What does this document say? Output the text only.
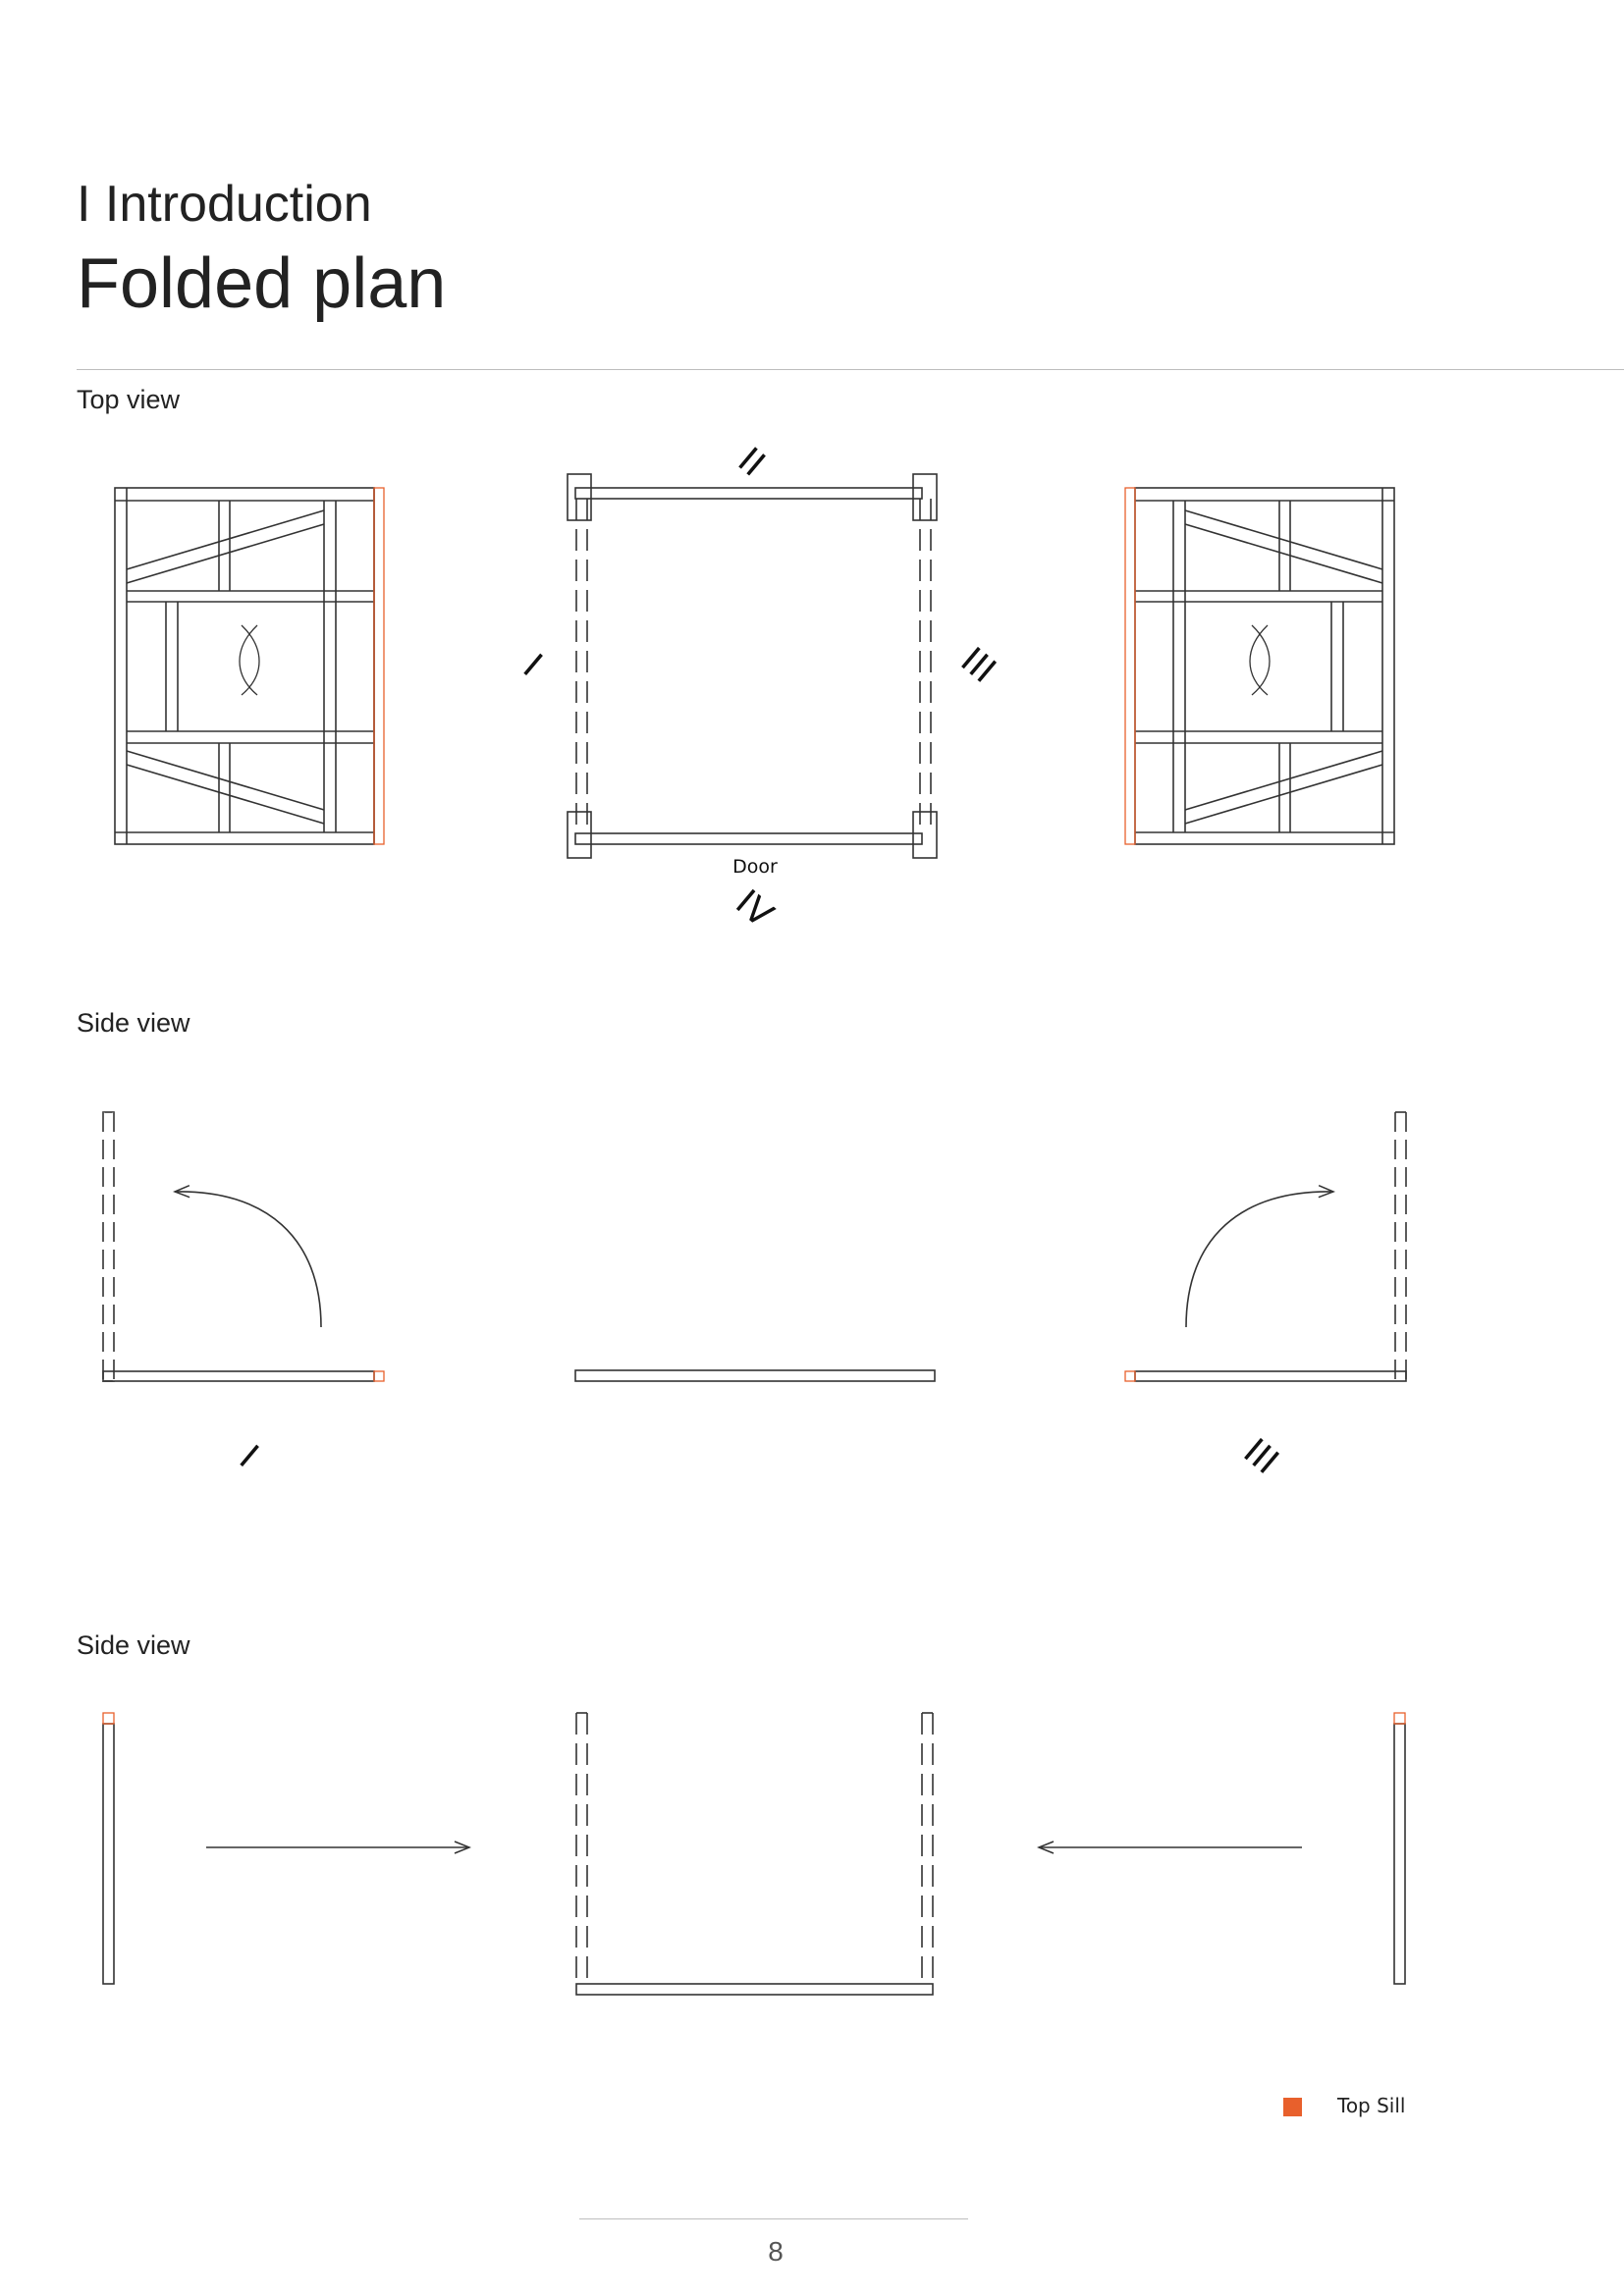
I Introduction
Folded plan

Top view

Side view

Side view

II
I	III
IV
I	III
Door
Top Sill
8
